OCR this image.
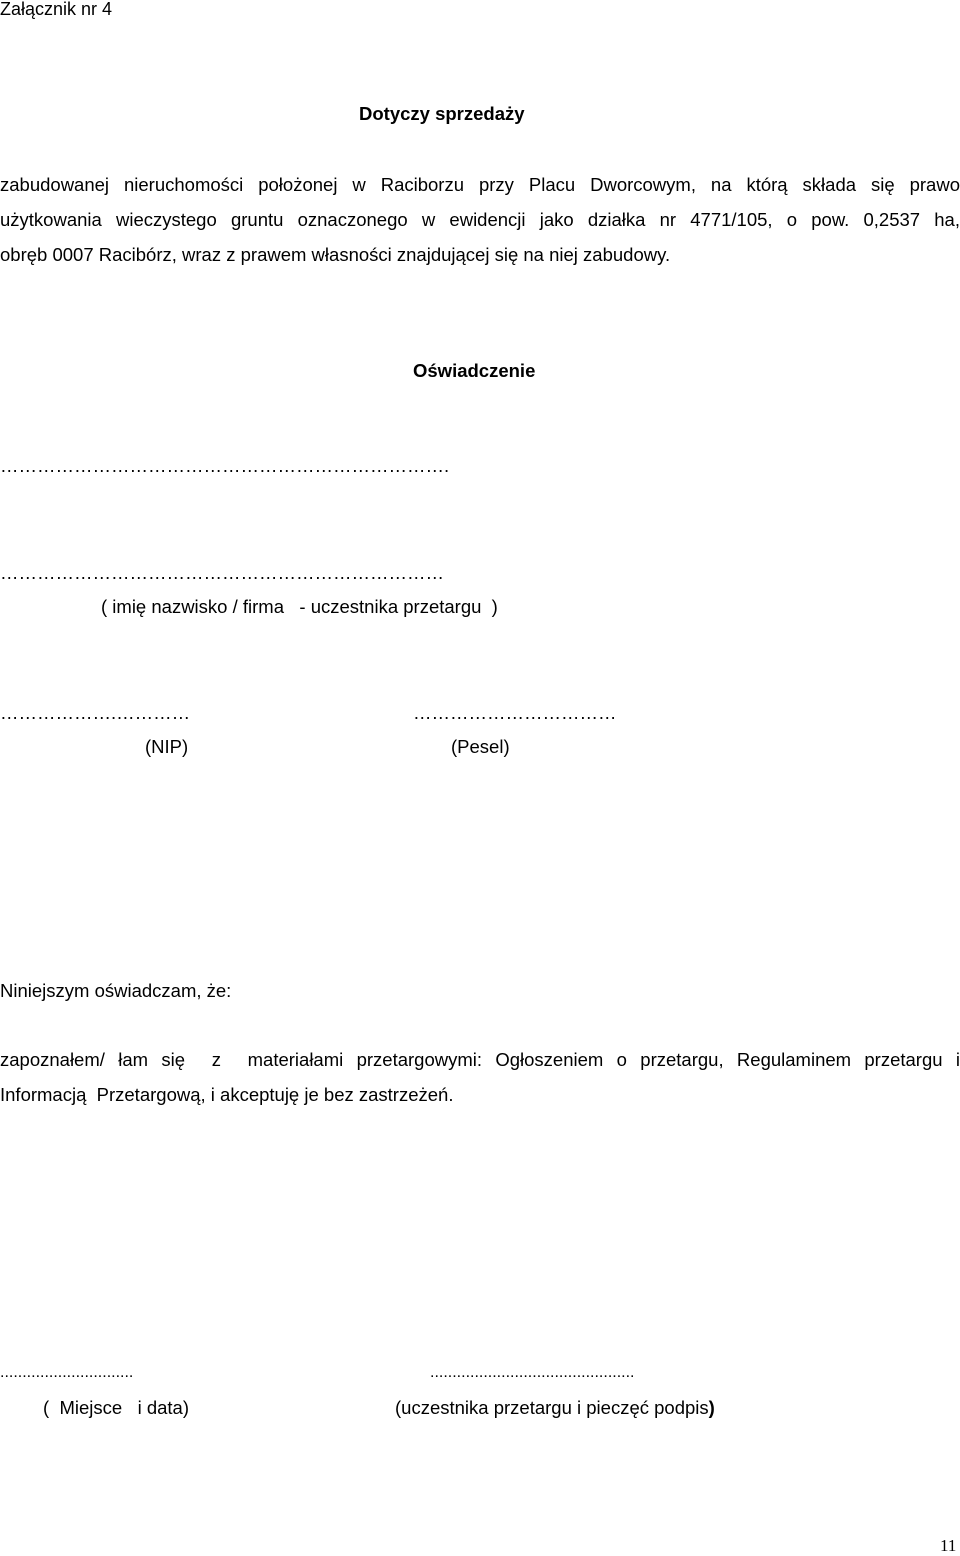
Załącznik nr 4
Dotyczy sprzedaży
zabudowanej nieruchomości położonej w Raciborzu przy Placu Dworcowym, na którą składa się prawo
użytkowania wieczystego gruntu oznaczonego w ewidencji jako działka nr 4771/105, o pow. 0,2537 ha,
obręb 0007 Racibórz, wraz z prawem własności znajdującej się na niej zabudowy.
Oświadczenie
……………………………………………………………….
………………………………………………………………
( imię nazwisko / firma   - uczestnika przetargu  )
……………….…………	……………………………
(NIP)	(Pesel)
Niniejszym oświadczam, że:
zapoznałem/ łam się  z  materiałami przetargowymi: Ogłoszeniem o przetargu, Regulaminem przetargu i
Informacją  Przetargową, i akceptuję je bez zastrzeżeń.
..............................	..............................................
(  Miejsce   i data)	(uczestnika przetargu i pieczęć podpis)
11
